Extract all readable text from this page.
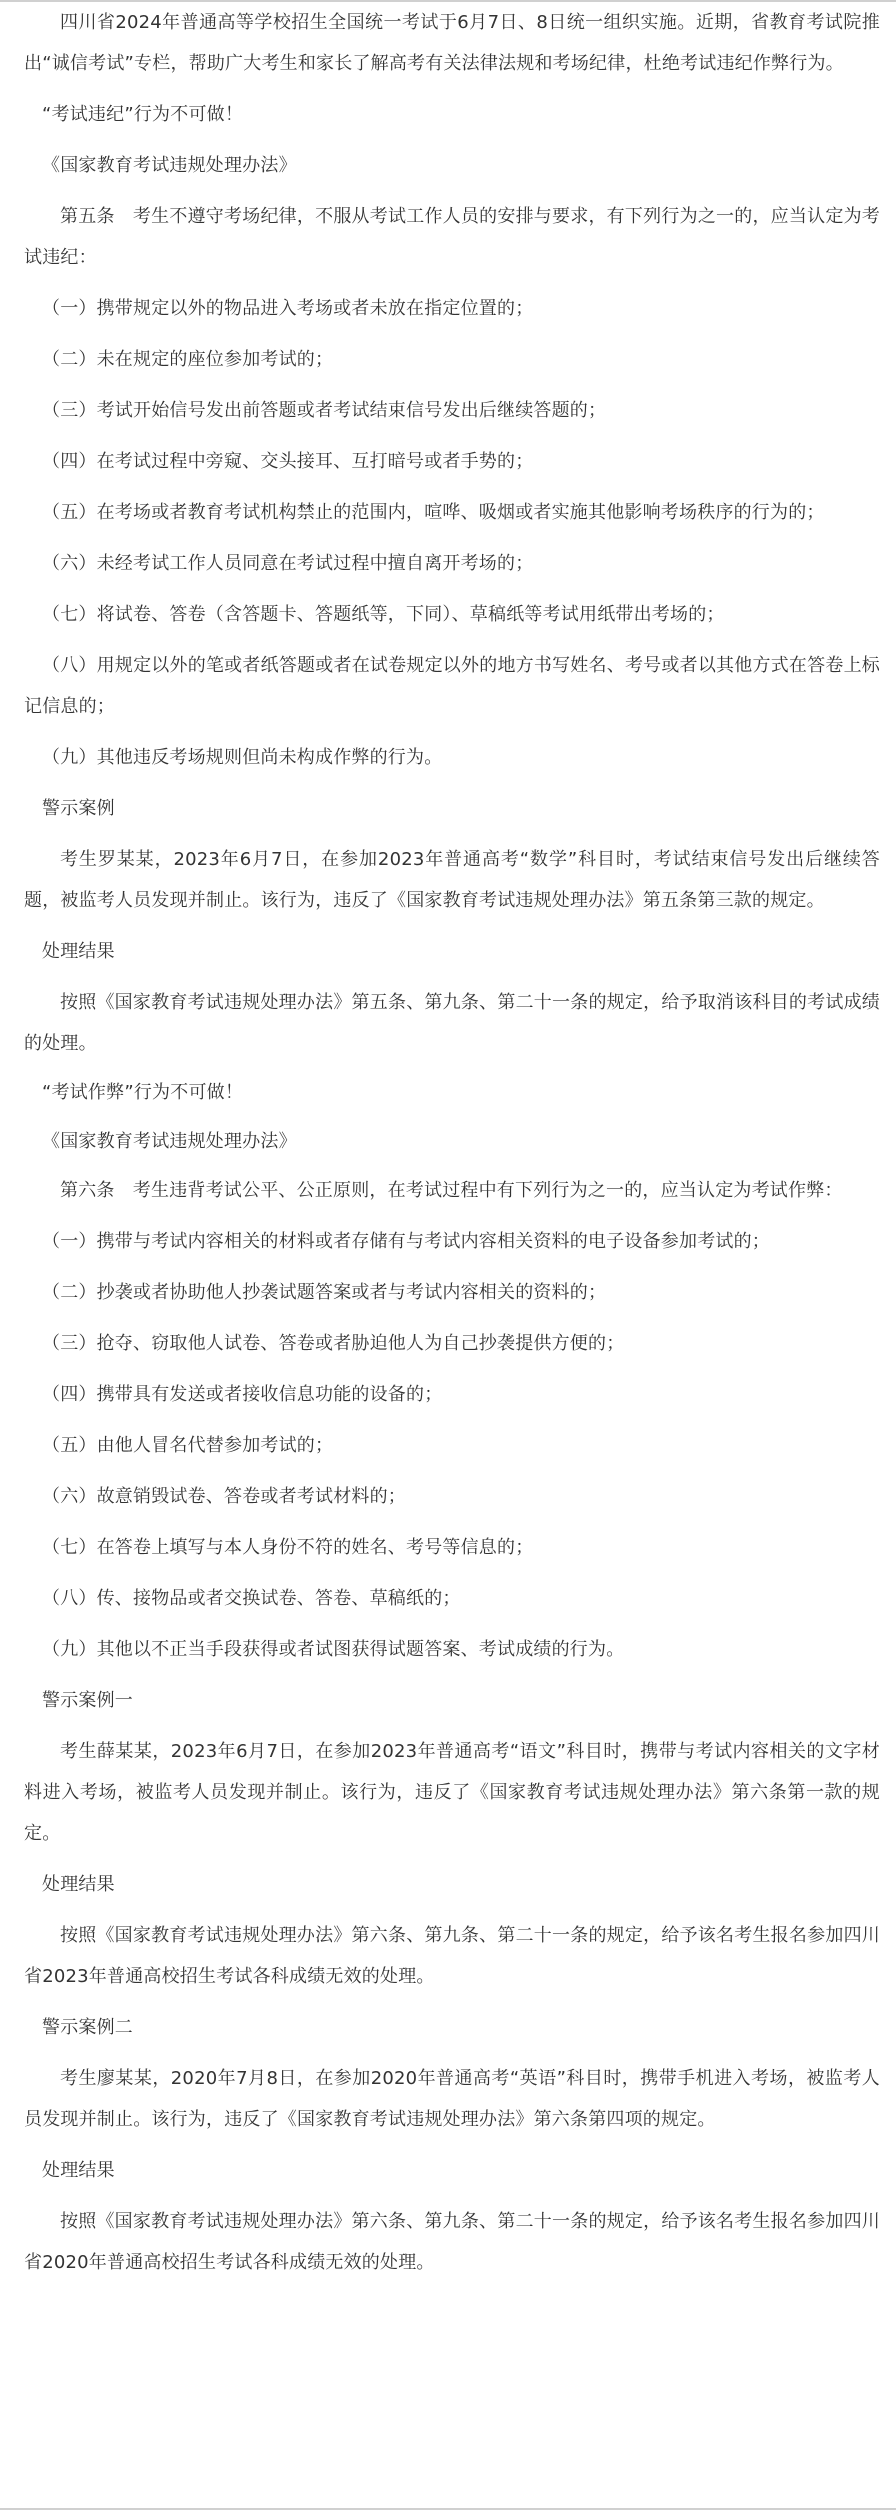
四川省2024年普通高等学校招生全国统一考试于6月7日、8日统一组织实施。近期，省教育考试院推出“诚信考试”专栏，帮助广大考生和家长了解高考有关法律法规和考场纪律，杜绝考试违纪作弊行为。

“考试违纪”行为不可做！

《国家教育考试违规处理办法》

第五条　考生不遵守考场纪律，不服从考试工作人员的安排与要求，有下列行为之一的，应当认定为考试违纪：

（一）携带规定以外的物品进入考场或者未放在指定位置的；

（二）未在规定的座位参加考试的；

（三）考试开始信号发出前答题或者考试结束信号发出后继续答题的；

（四）在考试过程中旁窥、交头接耳、互打暗号或者手势的；

（五）在考场或者教育考试机构禁止的范围内，喧哗、吸烟或者实施其他影响考场秩序的行为的；

（六）未经考试工作人员同意在考试过程中擅自离开考场的；

（七）将试卷、答卷（含答题卡、答题纸等，下同）、草稿纸等考试用纸带出考场的；

（八）用规定以外的笔或者纸答题或者在试卷规定以外的地方书写姓名、考号或者以其他方式在答卷上标记信息的；

（九）其他违反考场规则但尚未构成作弊的行为。

警示案例

考生罗某某，2023年6月7日，在参加2023年普通高考“数学”科目时，考试结束信号发出后继续答题，被监考人员发现并制止。该行为，违反了《国家教育考试违规处理办法》第五条第三款的规定。

处理结果

按照《国家教育考试违规处理办法》第五条、第九条、第二十一条的规定，给予取消该科目的考试成绩的处理。

“考试作弊”行为不可做！

《国家教育考试违规处理办法》

第六条　考生违背考试公平、公正原则，在考试过程中有下列行为之一的，应当认定为考试作弊：

（一）携带与考试内容相关的材料或者存储有与考试内容相关资料的电子设备参加考试的；

（二）抄袭或者协助他人抄袭试题答案或者与考试内容相关的资料的；

（三）抢夺、窃取他人试卷、答卷或者胁迫他人为自己抄袭提供方便的；

（四）携带具有发送或者接收信息功能的设备的；

（五）由他人冒名代替参加考试的；

（六）故意销毁试卷、答卷或者考试材料的；

（七）在答卷上填写与本人身份不符的姓名、考号等信息的；

（八）传、接物品或者交换试卷、答卷、草稿纸的；

（九）其他以不正当手段获得或者试图获得试题答案、考试成绩的行为。

警示案例一

考生薛某某，2023年6月7日，在参加2023年普通高考“语文”科目时，携带与考试内容相关的文字材料进入考场，被监考人员发现并制止。该行为，违反了《国家教育考试违规处理办法》第六条第一款的规定。

处理结果

按照《国家教育考试违规处理办法》第六条、第九条、第二十一条的规定，给予该名考生报名参加四川省2023年普通高校招生考试各科成绩无效的处理。

警示案例二

考生廖某某，2020年7月8日，在参加2020年普通高考“英语”科目时，携带手机进入考场，被监考人员发现并制止。该行为，违反了《国家教育考试违规处理办法》第六条第四项的规定。

处理结果

按照《国家教育考试违规处理办法》第六条、第九条、第二十一条的规定，给予该名考生报名参加四川省2020年普通高校招生考试各科成绩无效的处理。
